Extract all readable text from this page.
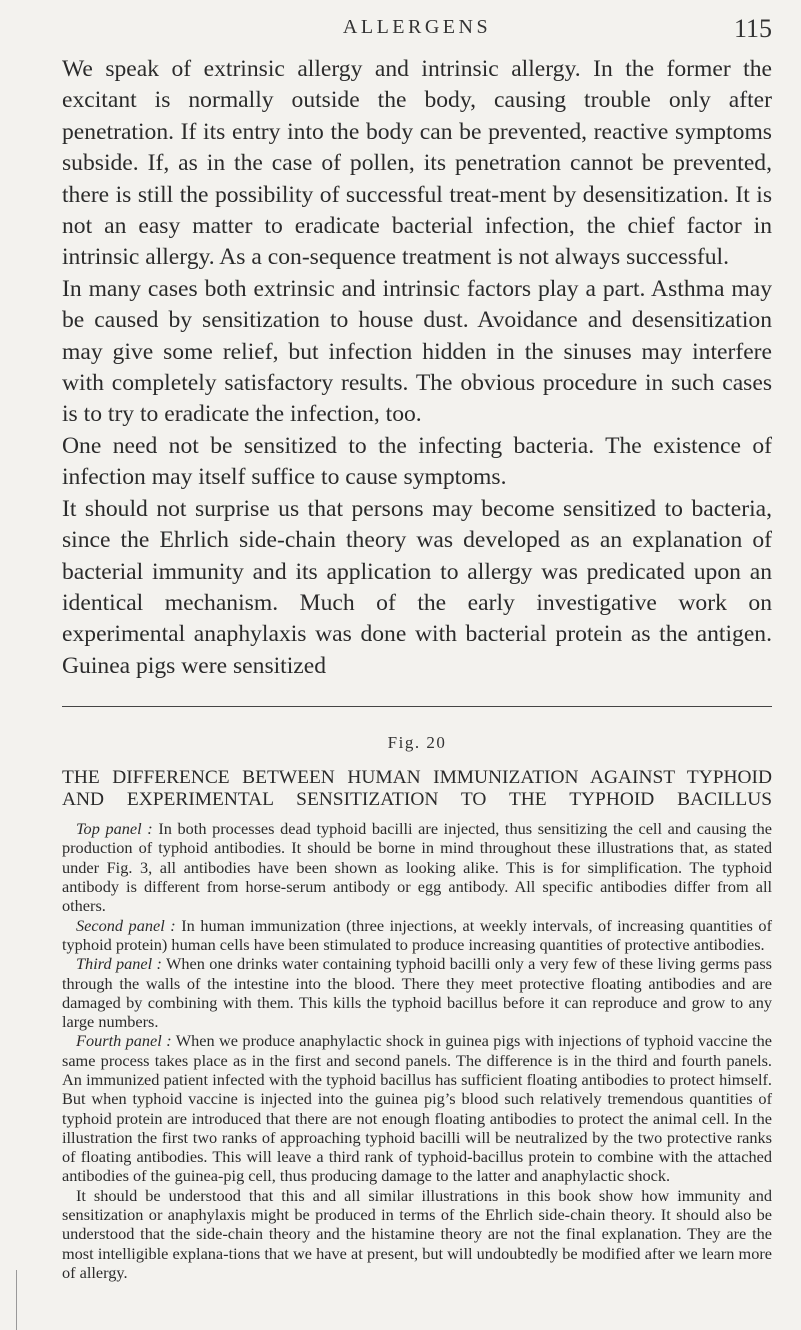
ALLERGENS	115

We speak of extrinsic allergy and intrinsic allergy. In the former the excitant is normally outside the body, causing trouble only after penetration. If its entry into the body can be prevented, reactive symptoms subside. If, as in the case of pollen, its penetration cannot be prevented, there is still the possibility of successful treat-ment by desensitization. It is not an easy matter to eradicate bacterial infection, the chief factor in intrinsic allergy. As a con-sequence treatment is not always successful.

In many cases both extrinsic and intrinsic factors play a part. Asthma may be caused by sensitization to house dust. Avoidance and desensitization may give some relief, but infection hidden in the sinuses may interfere with completely satisfactory results. The obvious procedure in such cases is to try to eradicate the infection, too.

One need not be sensitized to the infecting bacteria. The existence of infection may itself suffice to cause symptoms.

It should not surprise us that persons may become sensitized to bacteria, since the Ehrlich side-chain theory was developed as an explanation of bacterial immunity and its application to allergy was predicated upon an identical mechanism. Much of the early investigative work on experimental anaphylaxis was done with bacterial protein as the antigen. Guinea pigs were sensitized

Fig. 20

THE DIFFERENCE BETWEEN HUMAN IMMUNIZATION AGAINST TYPHOID

AND EXPERIMENTAL SENSITIZATION TO THE TYPHOID BACILLUS

Top panel : In both processes dead typhoid bacilli are injected, thus sensitizing the cell and causing the production of typhoid antibodies. It should be borne in mind throughout these illustrations that, as stated under Fig. 3, all antibodies have been shown as looking alike. This is for simplification. The typhoid antibody is different from horse-serum antibody or egg antibody. All specific antibodies differ from all others.

Second panel : In human immunization (three injections, at weekly intervals, of increasing quantities of typhoid protein) human cells have been stimulated to produce increasing quantities of protective antibodies.

Third panel : When one drinks water containing typhoid bacilli only a very few of these living germs pass through the walls of the intestine into the blood. There they meet protective floating antibodies and are damaged by combining with them. This kills the typhoid bacillus before it can reproduce and grow to any large numbers.

Fourth panel : When we produce anaphylactic shock in guinea pigs with injections of typhoid vaccine the same process takes place as in the first and second panels. The difference is in the third and fourth panels. An immunized patient infected with the typhoid bacillus has sufficient floating antibodies to protect himself. But when typhoid vaccine is injected into the guinea pig’s blood such relatively tremendous quantities of typhoid protein are introduced that there are not enough floating antibodies to protect the animal cell. In the illustration the first two ranks of approaching typhoid bacilli will be neutralized by the two protective ranks of floating antibodies. This will leave a third rank of typhoid-bacillus protein to combine with the attached antibodies of the guinea-pig cell, thus producing damage to the latter and anaphylactic shock.

It should be understood that this and all similar illustrations in this book show how immunity and sensitization or anaphylaxis might be produced in terms of the Ehrlich side-chain theory. It should also be understood that the side-chain theory and the histamine theory are not the final explanation. They are the most intelligible explana-tions that we have at present, but will undoubtedly be modified after we learn more of allergy.
